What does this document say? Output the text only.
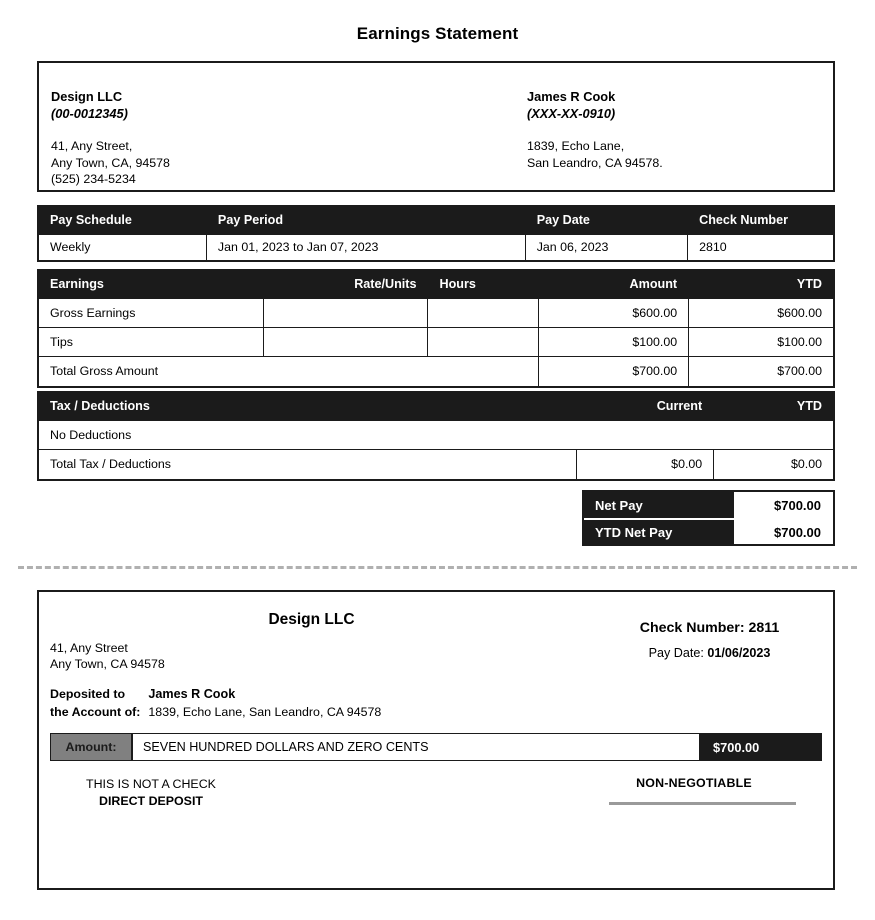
Earnings Statement
Design LLC
(00-0012345)
41, Any Street,
Any Town, CA, 94578
(525) 234-5234
James R Cook
(XXX-XX-0910)
1839, Echo Lane,
San Leandro, CA 94578.
Pay Schedule	Pay Period	Pay Date	Check Number
Weekly	Jan 01, 2023 to Jan 07, 2023	Jan 06, 2023	2810
Earnings	Rate/Units	Hours	Amount	YTD
Gross Earnings			$600.00	$600.00
Tips			$100.00	$100.00
Total Gross Amount			$700.00	$700.00
Tax / Deductions	Current	YTD
No Deductions		
Total Tax / Deductions	$0.00	$0.00
Net Pay	$700.00
YTD Net Pay	$700.00
Design LLC
41, Any Street
Any Town, CA 94578
Check Number: 2811
Pay Date: 01/06/2023
Deposited to
the Account of:
James R Cook
1839, Echo Lane, San Leandro, CA 94578
Amount:	SEVEN HUNDRED DOLLARS AND ZERO CENTS	$700.00
THIS IS NOT A CHECK
DIRECT DEPOSIT
NON-NEGOTIABLE
